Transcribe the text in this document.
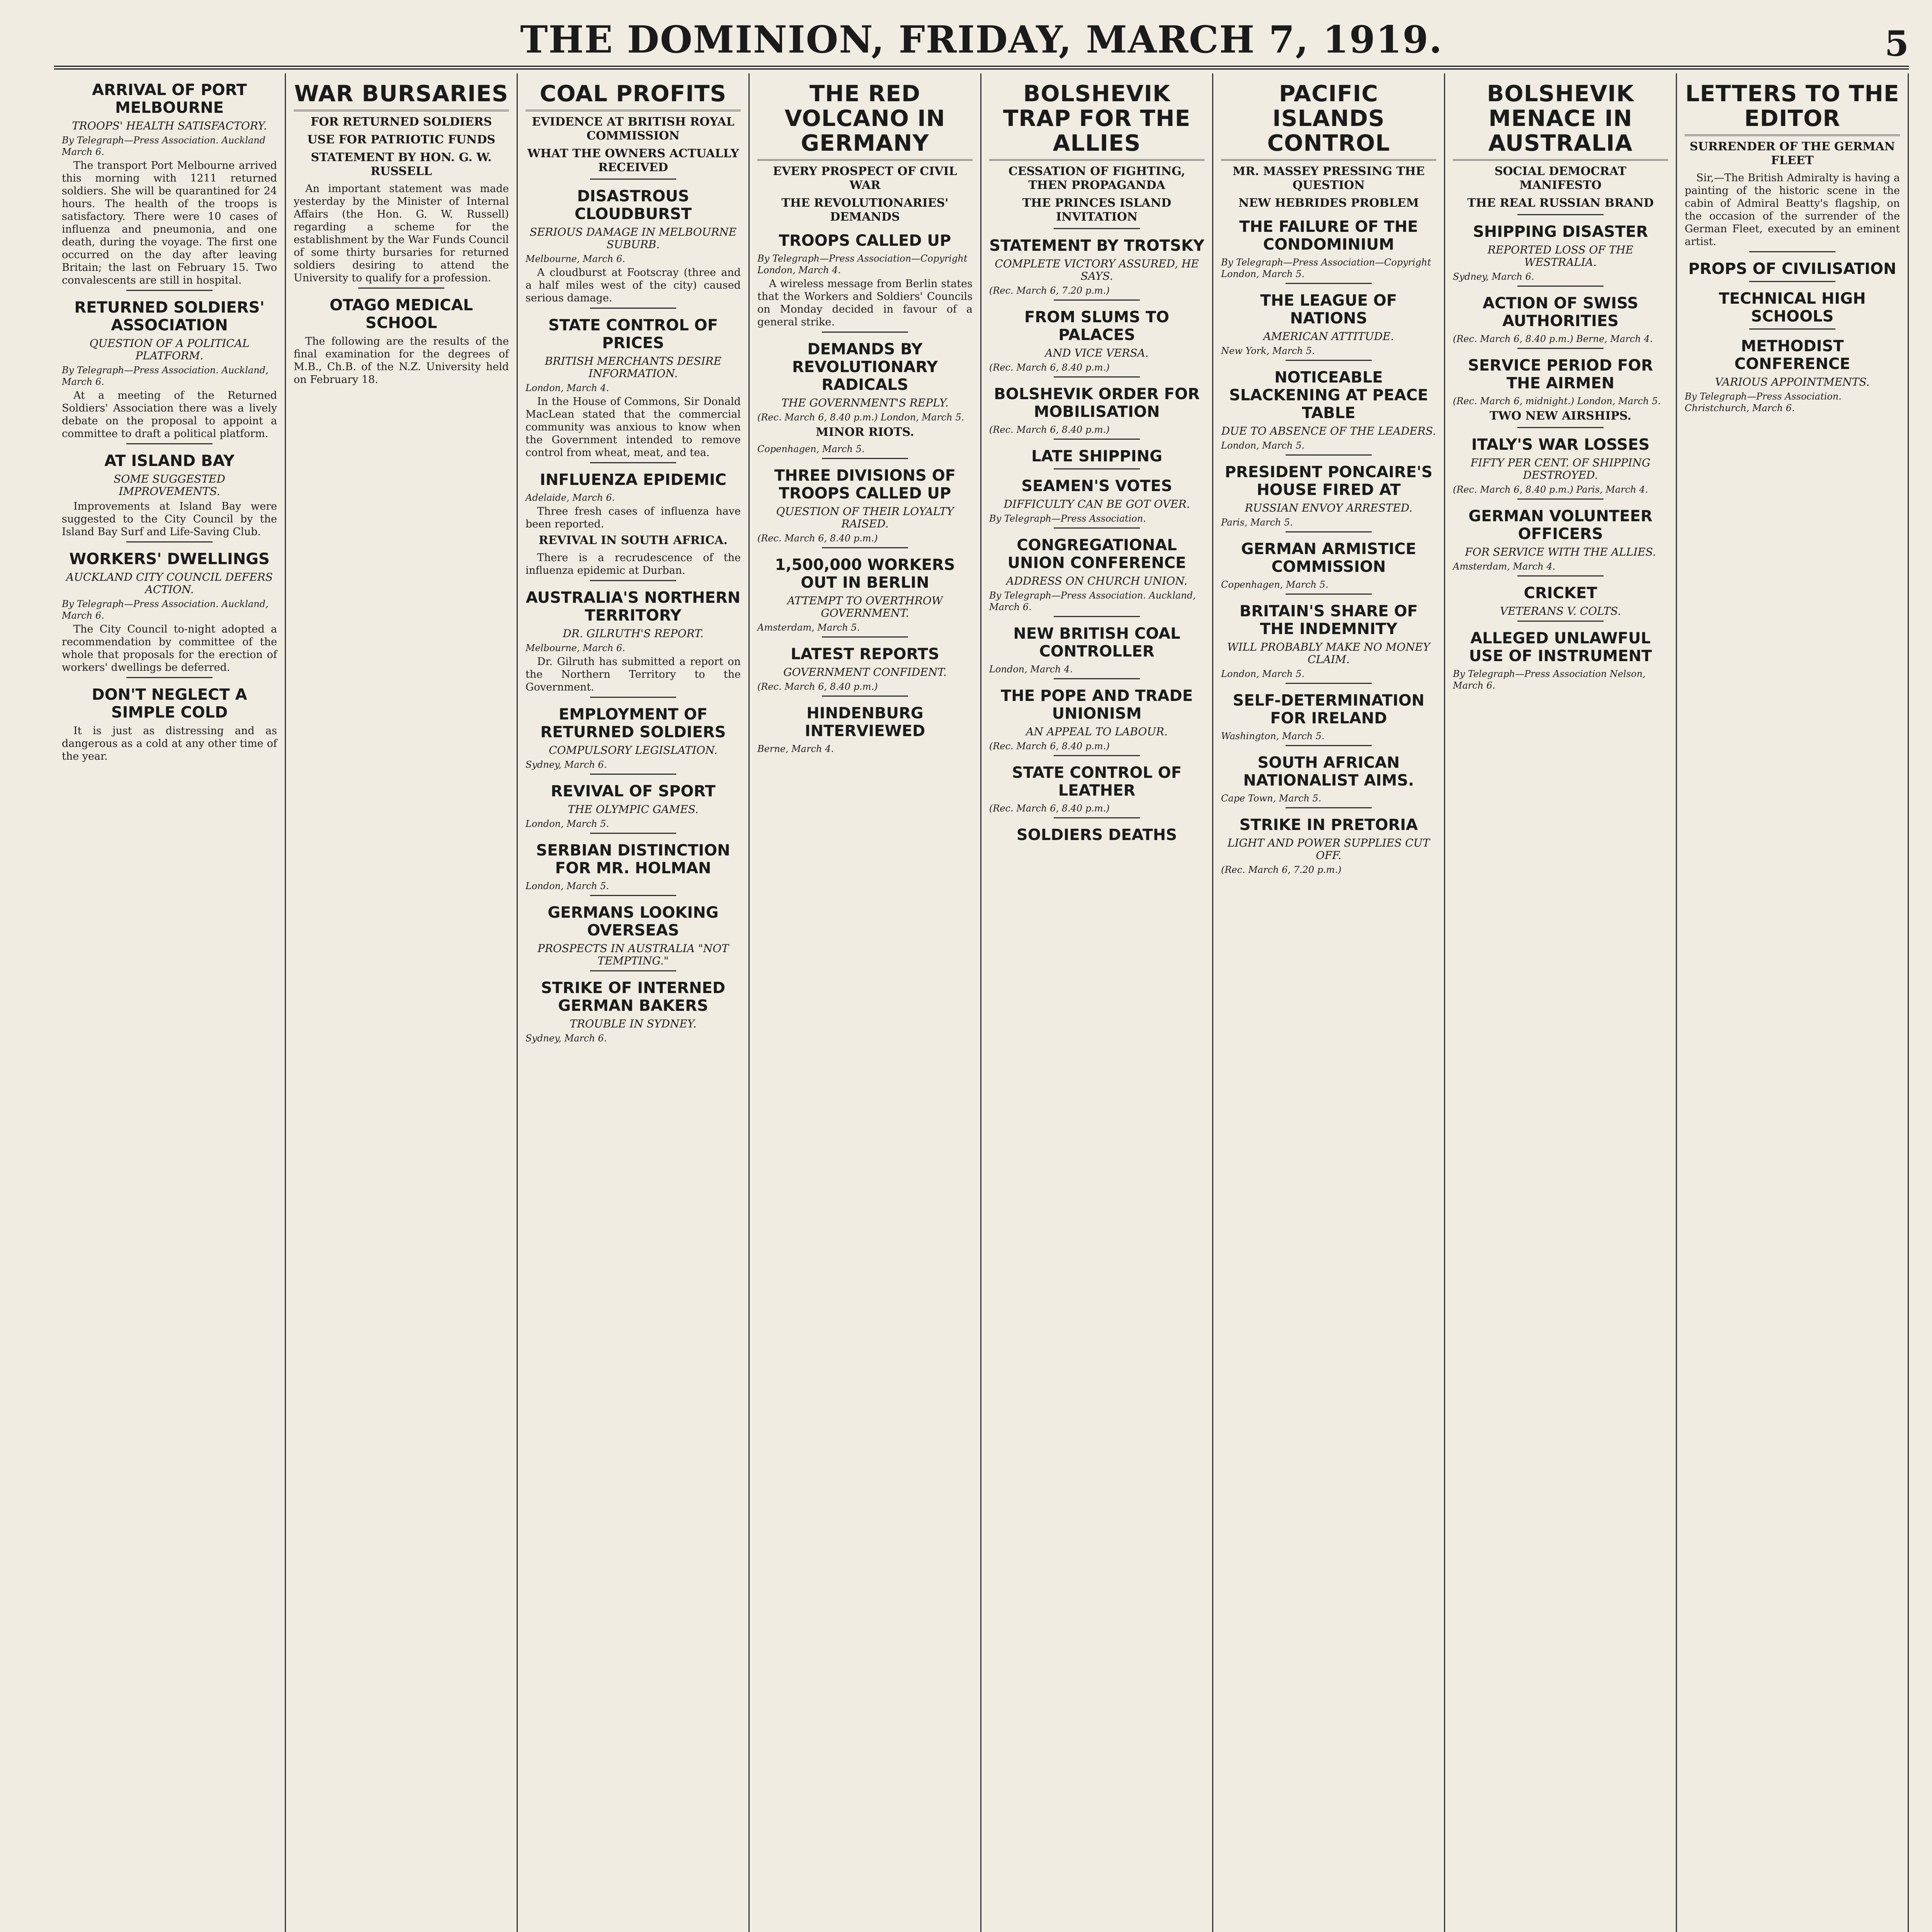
THE DOMINION, FRIDAY, MARCH 7, 1919.	5
ARRIVAL OF PORT MELBOURNE
TROOPS' HEALTH SATISFACTORY.
By Telegraph—Press Association. Auckland March 6.

The transport Port Melbourne arrived this morning with 1211 returned soldiers. She will be quarantined for 24 hours. The health of the troops is satisfactory. There were 10 cases of influenza and pneumonia, and one death, during the voyage. The first one occurred on the day after leaving Britain; the last on February 15. Two convalescents are still in hospital.

RETURNED SOLDIERS' ASSOCIATION
QUESTION OF A POLITICAL PLATFORM.
By Telegraph—Press Association. Auckland, March 6.

At a meeting of the Returned Soldiers' Association there was a lively debate on the proposal to appoint a committee to draft a political platform.

AT ISLAND BAY
SOME SUGGESTED IMPROVEMENTS.

Improvements at Island Bay were suggested to the City Council by the Island Bay Surf and Life-Saving Club.

WORKERS' DWELLINGS
AUCKLAND CITY COUNCIL DEFERS ACTION.
By Telegraph—Press Association. Auckland, March 6.

The City Council to-night adopted a recommendation by committee of the whole that proposals for the erection of workers' dwellings be deferred.

DON'T NEGLECT A SIMPLE COLD

It is just as distressing and as dangerous as a cold at any other time of the year.

WAR BURSARIES
FOR RETURNED SOLDIERS
USE FOR PATRIOTIC FUNDS
STATEMENT BY HON. G. W. RUSSELL

An important statement was made yesterday by the Minister of Internal Affairs (the Hon. G. W. Russell) regarding a scheme for the establishment by the War Funds Council of some thirty bursaries for returned soldiers desiring to attend the University to qualify for a profession.

OTAGO MEDICAL SCHOOL

The following are the results of the final examination for the degrees of M.B., Ch.B. of the N.Z. University held on February 18.

COAL PROFITS
EVIDENCE AT BRITISH ROYAL COMMISSION
WHAT THE OWNERS ACTUALLY RECEIVED
DISASTROUS CLOUDBURST
SERIOUS DAMAGE IN MELBOURNE SUBURB.
Melbourne, March 6.

A cloudburst at Footscray (three and a half miles west of the city) caused serious damage.

STATE CONTROL OF PRICES
BRITISH MERCHANTS DESIRE INFORMATION.
London, March 4.

In the House of Commons, Sir Donald MacLean stated that the commercial community was anxious to know when the Government intended to remove control from wheat, meat, and tea.

INFLUENZA EPIDEMIC
Adelaide, March 6.

Three fresh cases of influenza have been reported.

REVIVAL IN SOUTH AFRICA.

There is a recrudescence of the influenza epidemic at Durban.

AUSTRALIA'S NORTHERN TERRITORY
DR. GILRUTH'S REPORT.
Melbourne, March 6.

Dr. Gilruth has submitted a report on the Northern Territory to the Government.

EMPLOYMENT OF RETURNED SOLDIERS
COMPULSORY LEGISLATION.
Sydney, March 6.
REVIVAL OF SPORT
THE OLYMPIC GAMES.
London, March 5.
SERBIAN DISTINCTION FOR MR. HOLMAN
London, March 5.
GERMANS LOOKING OVERSEAS
PROSPECTS IN AUSTRALIA "NOT TEMPTING."
STRIKE OF INTERNED GERMAN BAKERS
TROUBLE IN SYDNEY.
Sydney, March 6.
THE RED VOLCANO IN GERMANY
EVERY PROSPECT OF CIVIL WAR
THE REVOLUTIONARIES' DEMANDS
TROOPS CALLED UP
By Telegraph—Press Association—Copyright London, March 4.

A wireless message from Berlin states that the Workers and Soldiers' Councils on Monday decided in favour of a general strike.

DEMANDS BY REVOLUTIONARY RADICALS
THE GOVERNMENT'S REPLY.
(Rec. March 6, 8.40 p.m.) London, March 5.
MINOR RIOTS.
Copenhagen, March 5.
THREE DIVISIONS OF TROOPS CALLED UP
QUESTION OF THEIR LOYALTY RAISED.
(Rec. March 6, 8.40 p.m.)
1,500,000 WORKERS OUT IN BERLIN
ATTEMPT TO OVERTHROW GOVERNMENT.
Amsterdam, March 5.
LATEST REPORTS
GOVERNMENT CONFIDENT.
(Rec. March 6, 8.40 p.m.)
HINDENBURG INTERVIEWED
Berne, March 4.
BOLSHEVIK TRAP FOR THE ALLIES
CESSATION OF FIGHTING, THEN PROPAGANDA
THE PRINCES ISLAND INVITATION
STATEMENT BY TROTSKY
COMPLETE VICTORY ASSURED, HE SAYS.
(Rec. March 6, 7.20 p.m.)
FROM SLUMS TO PALACES
AND VICE VERSA.
(Rec. March 6, 8.40 p.m.)
BOLSHEVIK ORDER FOR MOBILISATION
(Rec. March 6, 8.40 p.m.)
LATE SHIPPING
SEAMEN'S VOTES
DIFFICULTY CAN BE GOT OVER.
By Telegraph—Press Association.
CONGREGATIONAL UNION CONFERENCE
ADDRESS ON CHURCH UNION.
By Telegraph—Press Association. Auckland, March 6.
NEW BRITISH COAL CONTROLLER
London, March 4.
THE POPE AND TRADE UNIONISM
AN APPEAL TO LABOUR.
(Rec. March 6, 8.40 p.m.)
STATE CONTROL OF LEATHER
(Rec. March 6, 8.40 p.m.)
SOLDIERS DEATHS
PACIFIC ISLANDS CONTROL
MR. MASSEY PRESSING THE QUESTION
NEW HEBRIDES PROBLEM
THE FAILURE OF THE CONDOMINIUM
By Telegraph—Press Association—Copyright London, March 5.
THE LEAGUE OF NATIONS
AMERICAN ATTITUDE.
New York, March 5.
NOTICEABLE SLACKENING AT PEACE TABLE
DUE TO ABSENCE OF THE LEADERS.
London, March 5.
PRESIDENT PONCAIRE'S HOUSE FIRED AT
RUSSIAN ENVOY ARRESTED.
Paris, March 5.
GERMAN ARMISTICE COMMISSION
Copenhagen, March 5.
BRITAIN'S SHARE OF THE INDEMNITY
WILL PROBABLY MAKE NO MONEY CLAIM.
London, March 5.
SELF-DETERMINATION FOR IRELAND
Washington, March 5.
SOUTH AFRICAN NATIONALIST AIMS.
Cape Town, March 5.
STRIKE IN PRETORIA
LIGHT AND POWER SUPPLIES CUT OFF.
(Rec. March 6, 7.20 p.m.)
BOLSHEVIK MENACE IN AUSTRALIA
SOCIAL DEMOCRAT MANIFESTO
THE REAL RUSSIAN BRAND
SHIPPING DISASTER
REPORTED LOSS OF THE WESTRALIA.
Sydney, March 6.
ACTION OF SWISS AUTHORITIES
(Rec. March 6, 8.40 p.m.) Berne, March 4.
SERVICE PERIOD FOR THE AIRMEN
(Rec. March 6, midnight.) London, March 5.
TWO NEW AIRSHIPS.
ITALY'S WAR LOSSES
FIFTY PER CENT. OF SHIPPING DESTROYED.
(Rec. March 6, 8.40 p.m.) Paris, March 4.
GERMAN VOLUNTEER OFFICERS
FOR SERVICE WITH THE ALLIES.
Amsterdam, March 4.
CRICKET
VETERANS V. COLTS.
ALLEGED UNLAWFUL USE OF INSTRUMENT
By Telegraph—Press Association Nelson, March 6.
LETTERS TO THE EDITOR
SURRENDER OF THE GERMAN FLEET

Sir,—The British Admiralty is having a painting of the historic scene in the cabin of Admiral Beatty's flagship, on the occasion of the surrender of the German Fleet, executed by an eminent artist.

PROPS OF CIVILISATION
TECHNICAL HIGH SCHOOLS
METHODIST CONFERENCE
VARIOUS APPOINTMENTS.
By Telegraph—Press Association. Christchurch, March 6.
